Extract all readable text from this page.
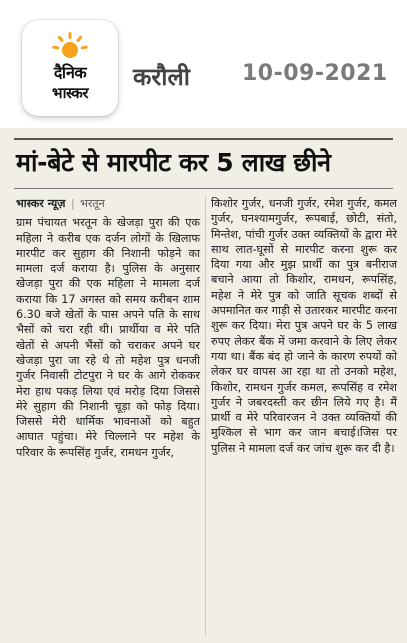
दैनिक
भास्कर
करौली 10-09-2021
मां-बेटे से मारपीट कर 5 लाख छीने
भास्कर न्यूज़ | भरतून

ग्राम पंचायत भरतून के खेजड़ा पुरा की एक महिला ने करीब एक दर्जन लोगों के खिलाफ मारपीट कर सुहाग की निशानी फोड़ने का मामला दर्ज कराया है। पुलिस के अनुसार खेजड़ा पुरा की एक महिला ने मामला दर्ज कराया कि 17 अगस्त को समय करीबन शाम 6.30 बजे खेतों के पास अपने पति के साथ भैसों को चरा रही थी। प्रार्थीया व मेरे पति खेतों से अपनी भैंसों को चराकर अपने घर खेजड़ा पुरा जा रहे थे तो महेश पुत्र धनजी गुर्जर निवासी टोटपुरा ने घर के आगे रोककर मेरा हाथ पकड़ लिया एवं मरोड़ दिया जिससे मेरे सुहाग की निशानी चूड़ा को फोड़ दिया। जिससे मेरी धार्मिक भावनाओं को बहुत आघात पहुंचा। मेरे चिल्लाने पर महेश के परिवार के रूपसिंह गुर्जर, रामधन गुर्जर,

किशोर गुर्जर, धनजी गुर्जर, रमेश गुर्जर, कमल गुर्जर, घनश्यामगुर्जर, रूपबाई, छोटी, संतो, मिन्तेश, पांची गुर्जर उक्त व्यक्तियों के द्वारा मेरे साथ लात-घूसों से मारपीट करना शुरू कर दिया गया और मुझ प्रार्थी का पुत्र बनीराज बचाने आया तो किशोर, रामधन, रूपसिंह, महेश ने मेरे पुत्र को जाति सूचक शब्दों से अपमानित कर गाड़ी से उतारकर मारपीट करना शुरू कर दिया। मेरा पुत्र अपने घर के 5 लाख रुपए लेकर बैंक में जमा करवाने के लिए लेकर गया था। बैंक बंद हो जाने के कारण रुपयों को लेकर घर वापस आ रहा था तो उनको महेश, किशोर, रामधन गुर्जर कमल, रूपसिंह व रमेश गुर्जर ने जबरदस्ती कर छीन लिये गए है। मैं प्रार्थी व मेरे परिवारजन ने उक्त व्यक्तियों की मुश्किल से भाग कर जान बचाई।जिस पर पुलिस ने मामला दर्ज कर जांच शुरू कर दी है।
